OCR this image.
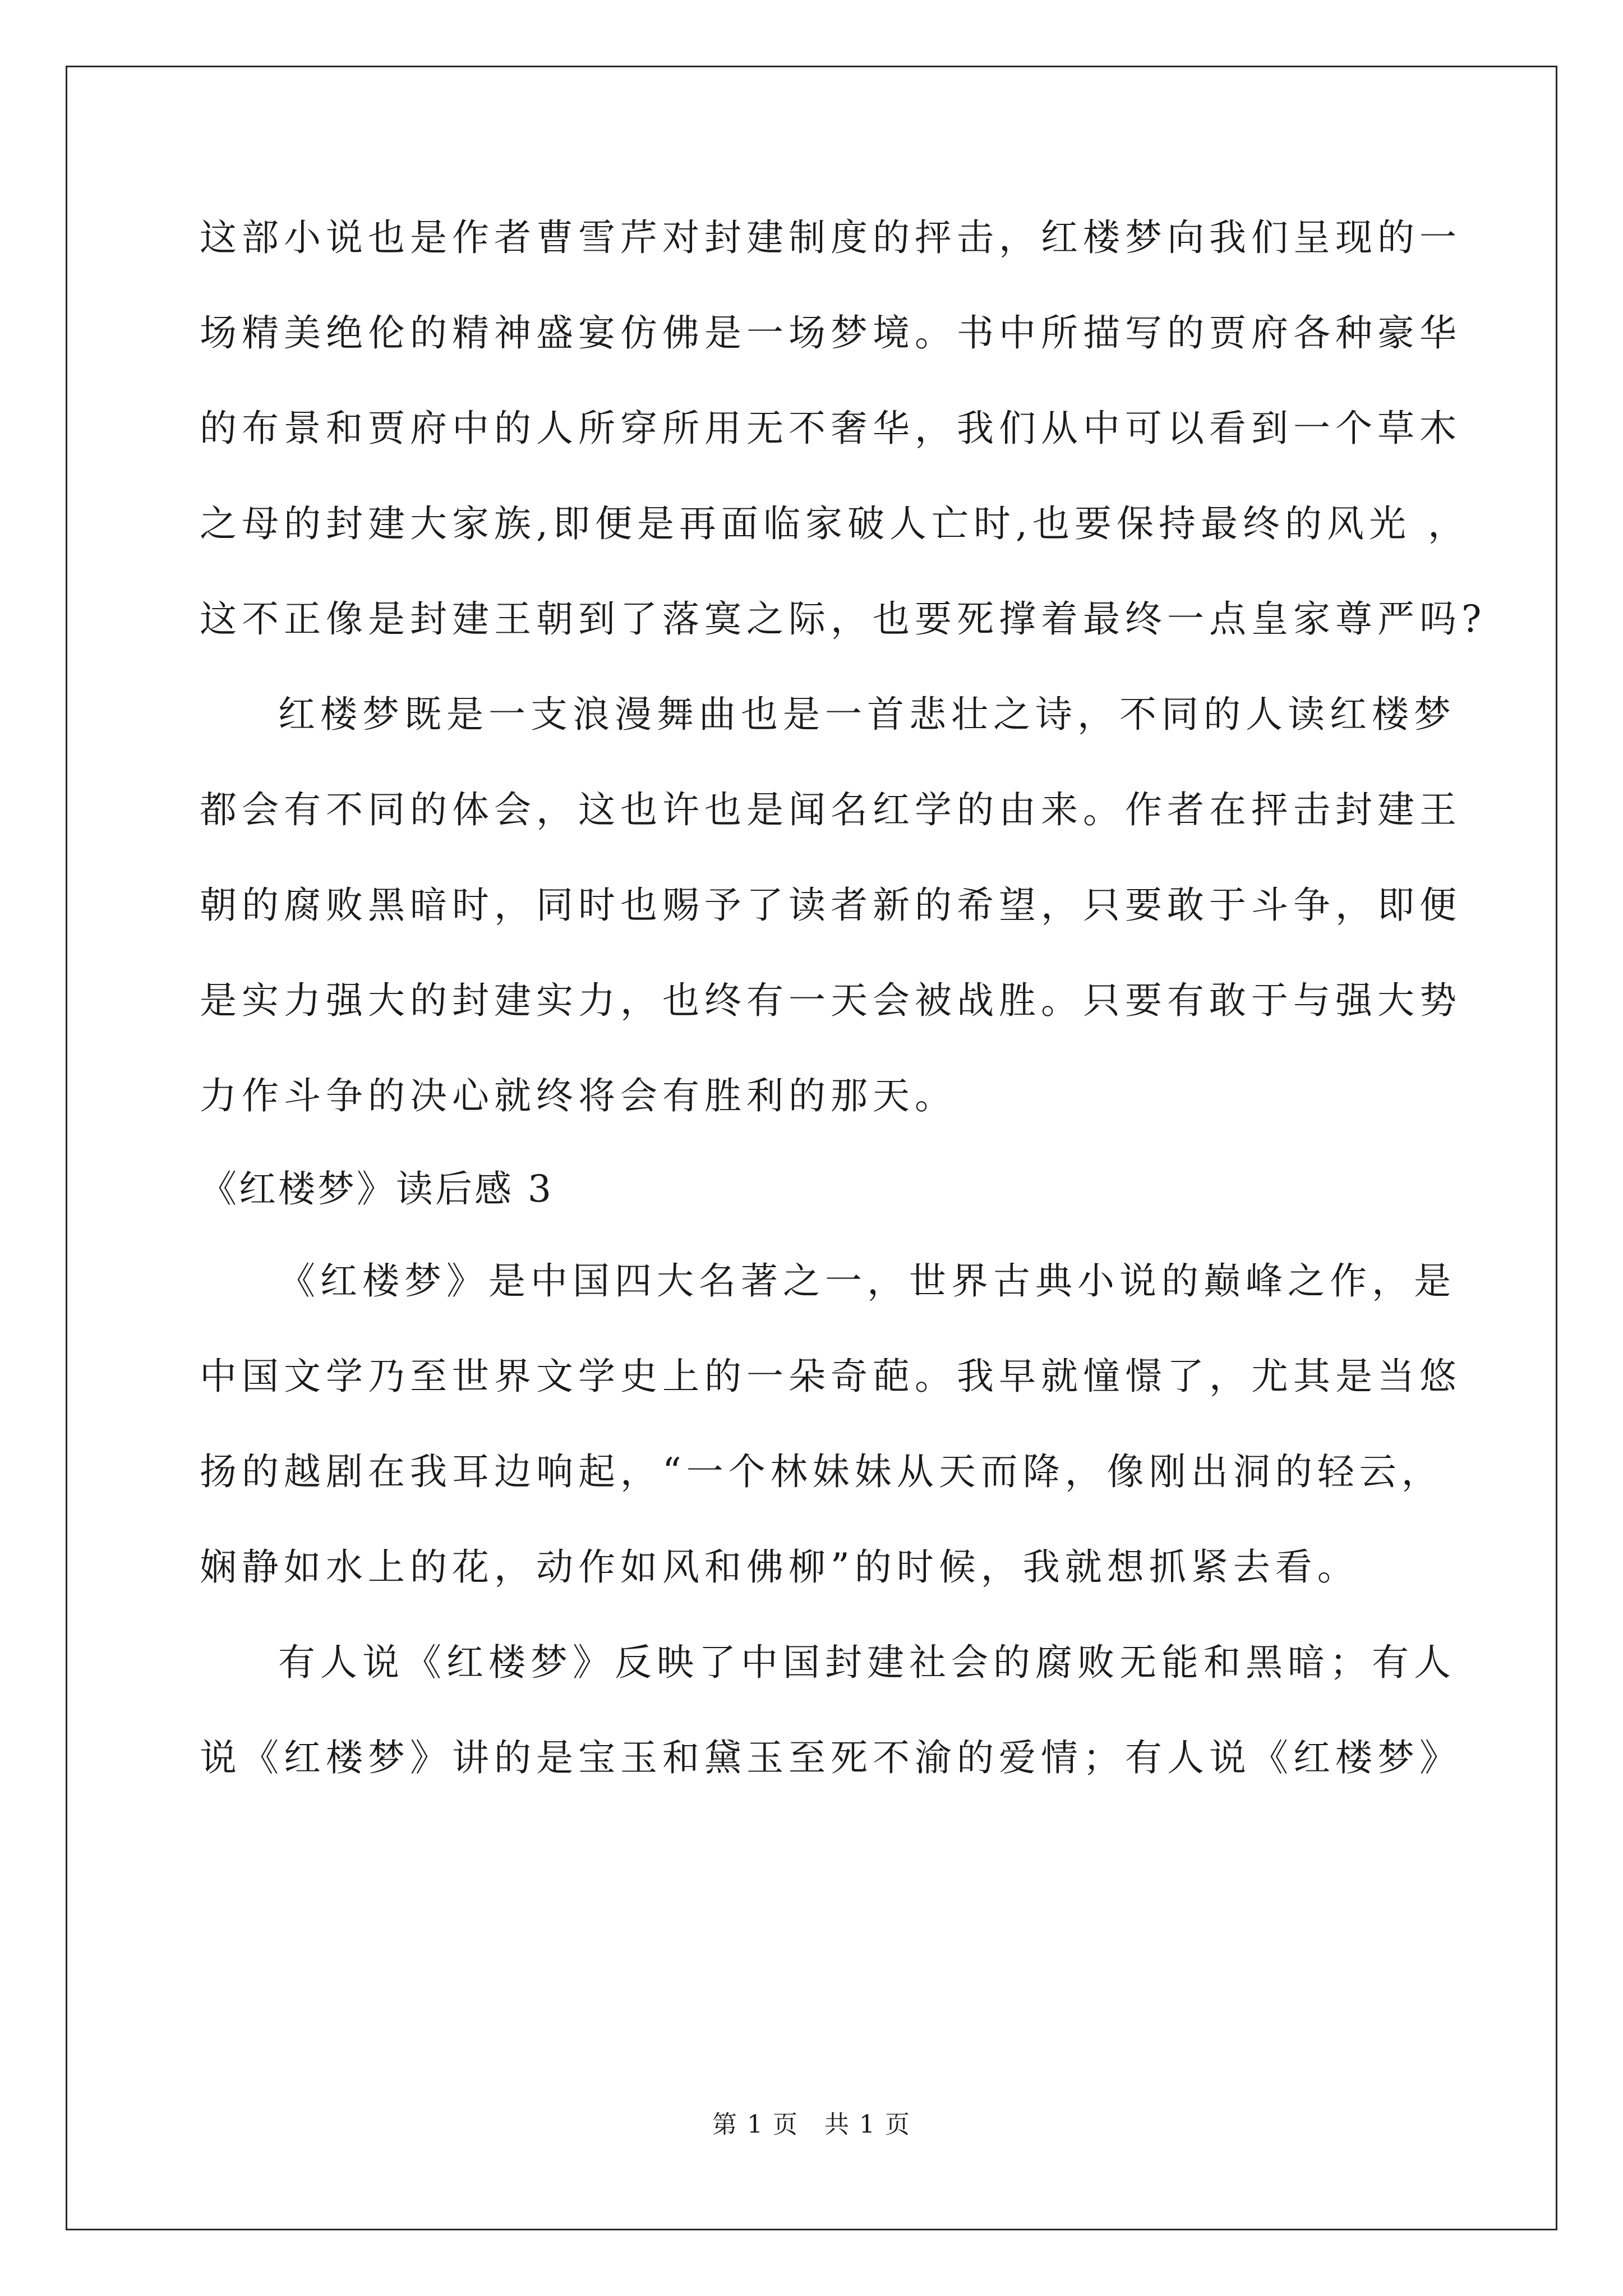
这部小说也是作者曹雪芹对封建制度的抨击，红楼梦向我们呈现的一
场精美绝伦的精神盛宴仿佛是一场梦境。书中所描写的贾府各种豪华
的布景和贾府中的人所穿所用无不奢华，我们从中可以看到一个草木
之母的封建大家族,即便是再面临家破人亡时,也要保持最终的风光 ，
这不正像是封建王朝到了落寞之际，也要死撑着最终一点皇家尊严吗?
红楼梦既是一支浪漫舞曲也是一首悲壮之诗，不同的人读红楼梦
都会有不同的体会，这也许也是闻名红学的由来。作者在抨击封建王
朝的腐败黑暗时，同时也赐予了读者新的希望，只要敢于斗争，即便
是实力强大的封建实力，也终有一天会被战胜。只要有敢于与强大势
力作斗争的决心就终将会有胜利的那天。
《红楼梦》读后感 3
《红楼梦》是中国四大名著之一，世界古典小说的巅峰之作，是
中国文学乃至世界文学史上的一朵奇葩。我早就憧憬了，尤其是当悠
扬的越剧在我耳边响起，“一个林妹妹从天而降，像刚出洞的轻云，
娴静如水上的花，动作如风和佛柳”的时候，我就想抓紧去看。
有人说《红楼梦》反映了中国封建社会的腐败无能和黑暗；有人
说《红楼梦》讲的是宝玉和黛玉至死不渝的爱情；有人说《红楼梦》
第 1 页　共 1 页
